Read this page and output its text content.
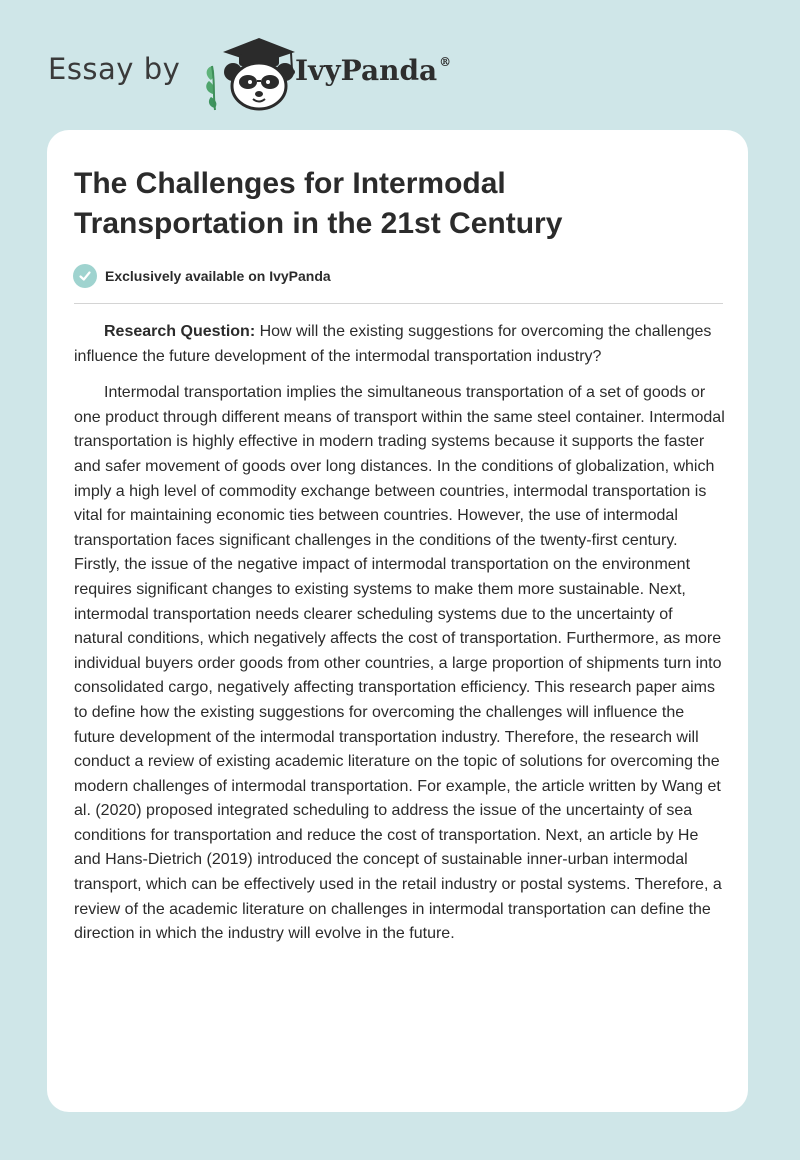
Essay by	IvyPanda ®
The Challenges for Intermodal Transportation in the 21st Century
Exclusively available on IvyPanda

Research Question: How will the existing suggestions for overcoming the challenges influence the future development of the intermodal transportation industry?

Intermodal transportation implies the simultaneous transportation of a set of goods or one product through different means of transport within the same steel container. Intermodal transportation is highly effective in modern trading systems because it supports the faster and safer movement of goods over long distances. In the conditions of globalization, which imply a high level of commodity exchange between countries, intermodal transportation is vital for maintaining economic ties between countries. However, the use of intermodal transportation faces significant challenges in the conditions of the twenty-first century. Firstly, the issue of the negative impact of intermodal transportation on the environment requires significant changes to existing systems to make them more sustainable. Next, intermodal transportation needs clearer scheduling systems due to the uncertainty of natural conditions, which negatively affects the cost of transportation. Furthermore, as more individual buyers order goods from other countries, a large proportion of shipments turn into consolidated cargo, negatively affecting transportation efficiency. This research paper aims to define how the existing suggestions for overcoming the challenges will influence the future development of the intermodal transportation industry. Therefore, the research will conduct a review of existing academic literature on the topic of solutions for overcoming the modern challenges of intermodal transportation. For example, the article written by Wang et al. (2020) proposed integrated scheduling to address the issue of the uncertainty of sea conditions for transportation and reduce the cost of transportation. Next, an article by He and Hans-Dietrich (2019) introduced the concept of sustainable inner-urban intermodal transport, which can be effectively used in the retail industry or postal systems. Therefore, a review of the academic literature on challenges in intermodal transportation can define the direction in which the industry will evolve in the future.
